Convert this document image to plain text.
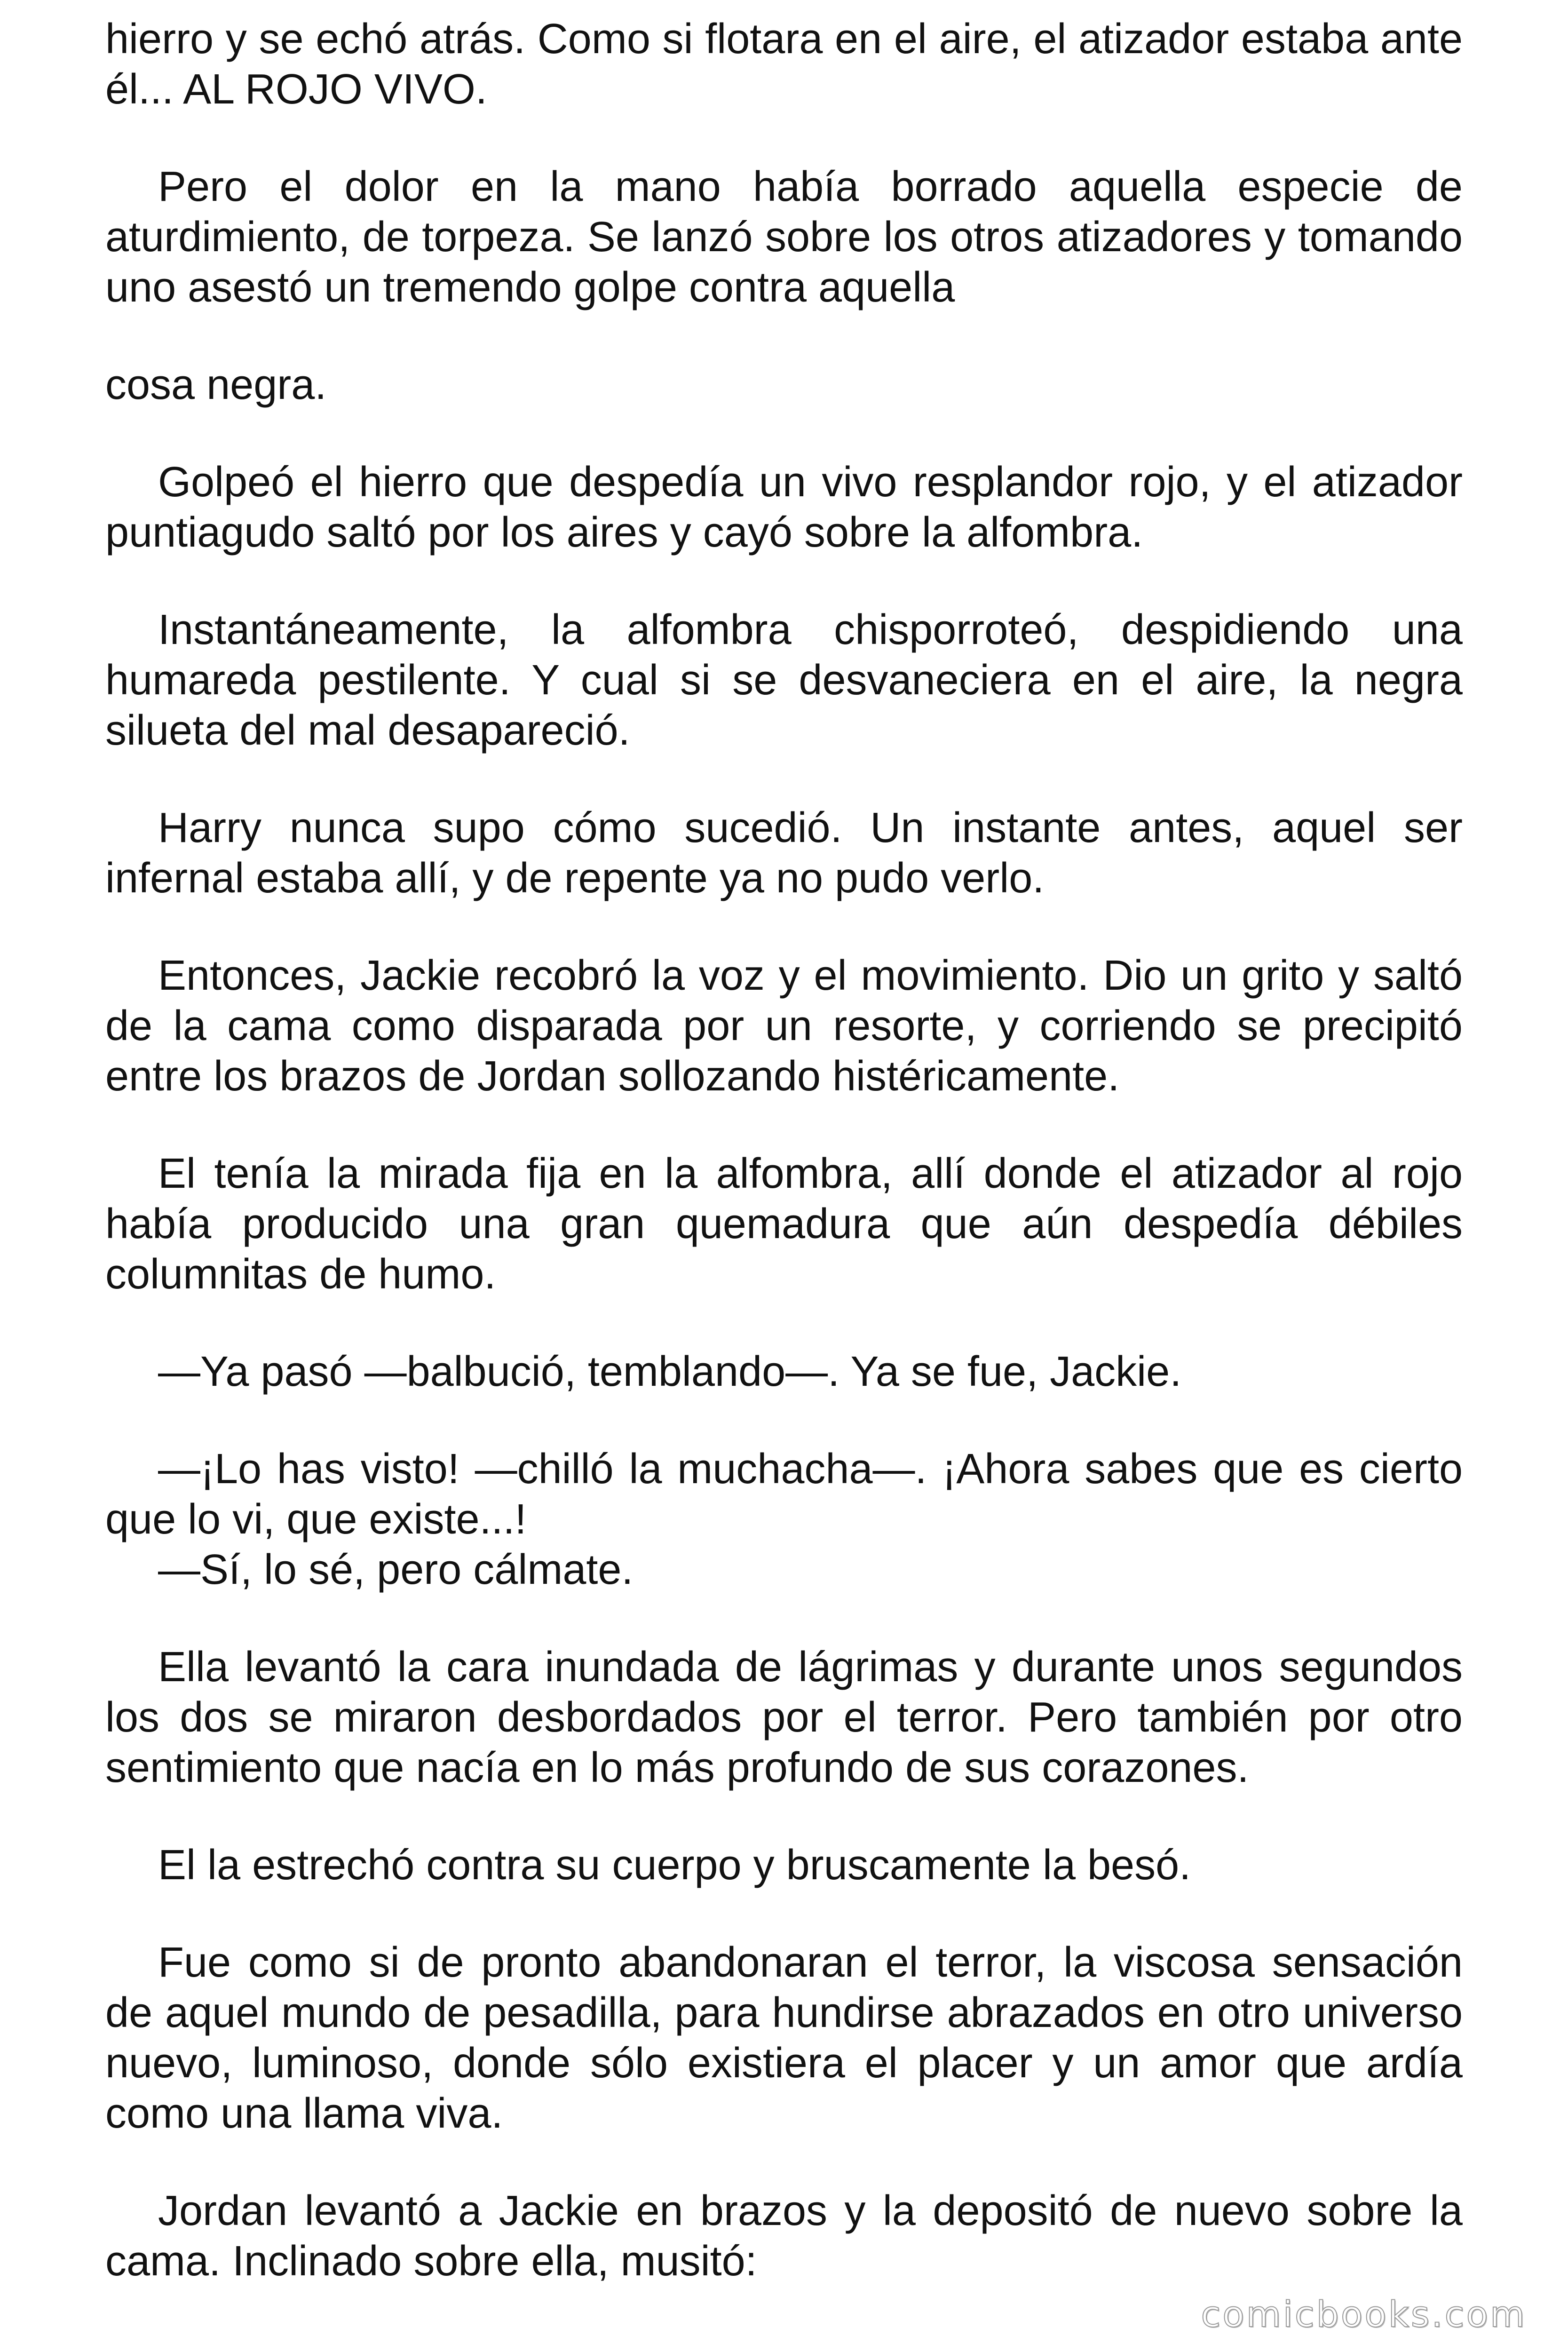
hierro y se echó atrás. Como si flotara en el aire, el atizador estaba ante él... AL ROJO VIVO.

Pero el dolor en la mano había borrado aquella especie de aturdimiento, de torpeza. Se lanzó sobre los otros atizadores y tomando uno asestó un tremendo golpe contra aquella

cosa negra.

Golpeó el hierro que despedía un vivo resplandor rojo, y el atizador puntiagudo saltó por los aires y cayó sobre la alfombra.

Instantáneamente, la alfombra chisporroteó, despidiendo una humareda pestilente. Y cual si se desvaneciera en el aire, la negra silueta del mal desapareció.

Harry nunca supo cómo sucedió. Un instante antes, aquel ser infernal estaba allí, y de repente ya no pudo verlo.

Entonces, Jackie recobró la voz y el movimiento. Dio un grito y saltó de la cama como disparada por un resorte, y corriendo se precipitó entre los brazos de Jordan sollozando histéricamente.

El tenía la mirada fija en la alfombra, allí donde el atizador al rojo había producido una gran quemadura que aún despedía débiles columnitas de humo.

—Ya pasó —balbució, temblando—. Ya se fue, Jackie.

—¡Lo has visto! —chilló la muchacha—. ¡Ahora sabes que es cierto que lo vi, que existe...!

—Sí, lo sé, pero cálmate.

Ella levantó la cara inundada de lágrimas y durante unos segundos los dos se miraron desbordados por el terror. Pero también por otro sentimiento que nacía en lo más profundo de sus corazones.

El la estrechó contra su cuerpo y bruscamente la besó.

Fue como si de pronto abandonaran el terror, la viscosa sensación de aquel mundo de pesadilla, para hundirse abrazados en otro universo nuevo, luminoso, donde sólo existiera el placer y un amor que ardía como una llama viva.

Jordan levantó a Jackie en brazos y la depositó de nuevo sobre la cama. Inclinado sobre ella, musitó:

comicbooks.com
